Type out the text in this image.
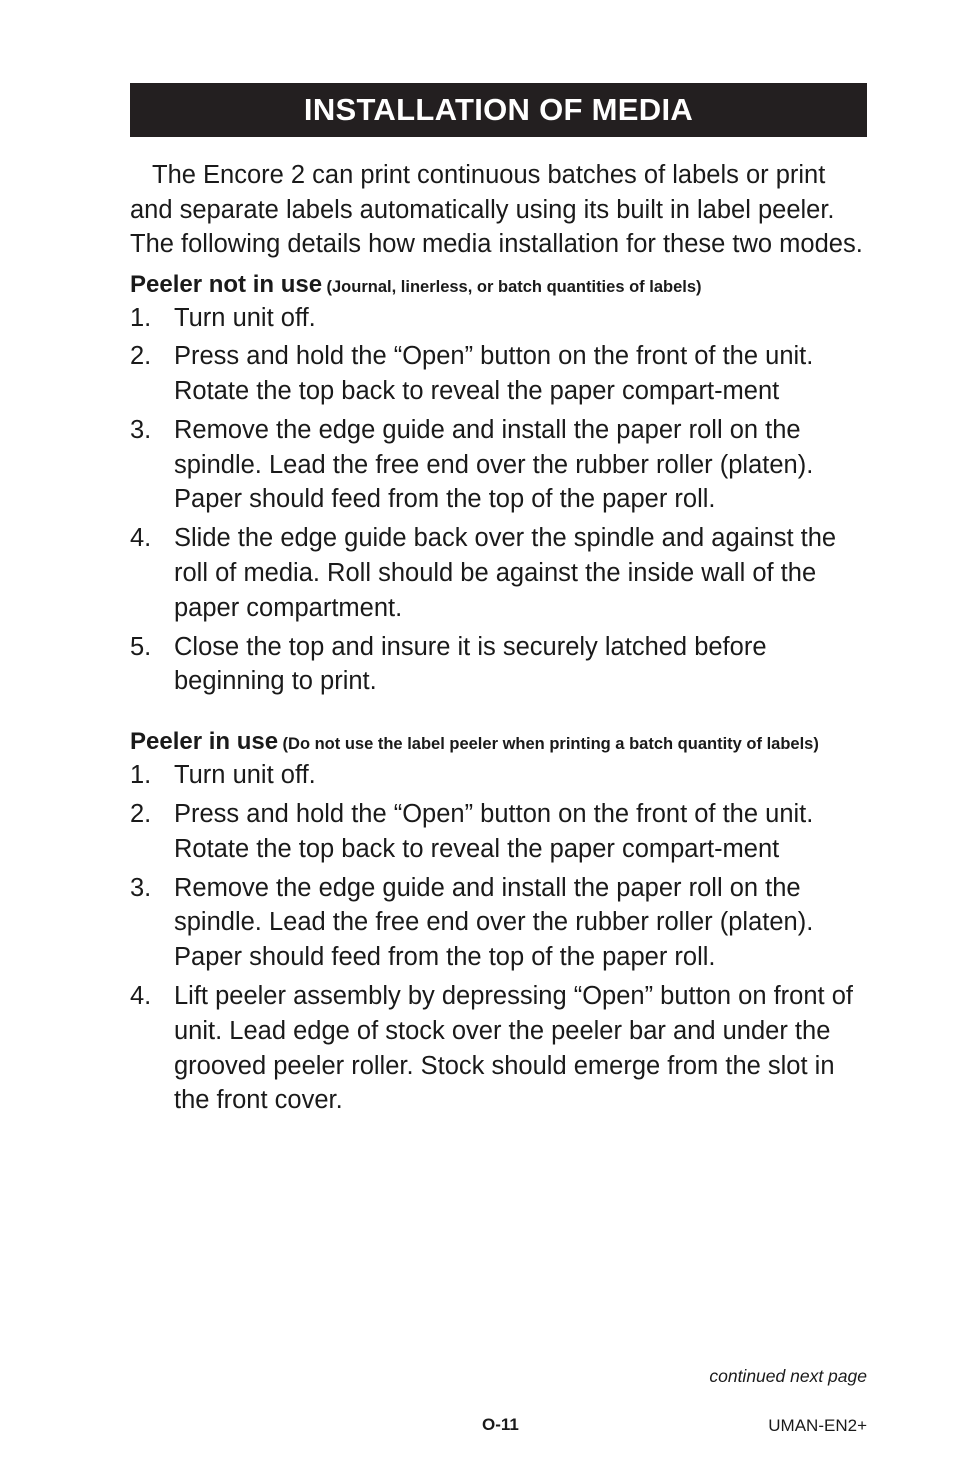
INSTALLATION OF MEDIA

The Encore 2 can print continuous batches of labels or print and separate labels automatically using its built in label peeler. The following details how media installation for these two modes.

Peeler not in use (Journal, linerless, or batch quantities of labels)
1. Turn unit off.
2. Press and hold the “Open” button on the front of the unit. Rotate the top back to reveal the paper compart-ment
3. Remove the edge guide and install the paper roll on the spindle. Lead the free end over the rubber roller (platen). Paper should feed from the top of the paper roll.
4. Slide the edge guide back over the spindle and against the roll of media. Roll should be against the inside wall of the paper compartment.
5. Close the top and insure it is securely latched before beginning to print.
Peeler in use (Do not use the label peeler when printing a batch quantity of labels)
1. Turn unit off.
2. Press and hold the “Open” button on the front of the unit. Rotate the top back to reveal the paper compart-ment
3. Remove the edge guide and install the paper roll on the spindle. Lead the free end over the rubber roller (platen). Paper should feed from the top of the paper roll.
4. Lift peeler assembly by depressing “Open” button on front of unit. Lead edge of stock over the peeler bar and under the grooved peeler roller. Stock should emerge from the slot in the front cover.
continued next page
O-11	UMAN-EN2+
